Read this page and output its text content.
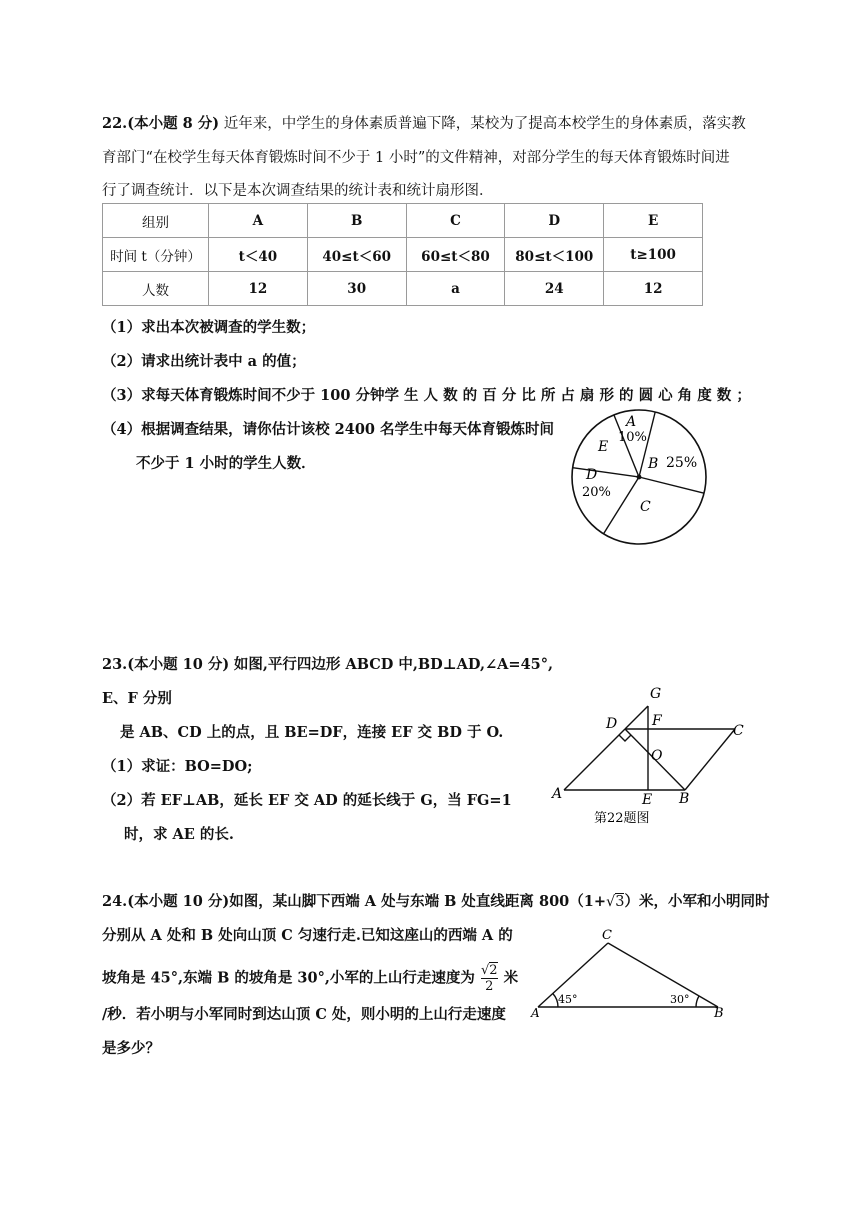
22.(本小题 8 分) 近年来，中学生的身体素质普遍下降，某校为了提高本校学生的身体素质，落实教
育部门“在校学生每天体育锻炼时间不少于 1 小时”的文件精神，对部分学生的每天体育锻炼时间进
行了调查统计．以下是本次调查结果的统计表和统计扇形图．
组别	A	B	C	D	E
时间 t（分钟）	t＜40	40≤t＜60	60≤t＜80	80≤t＜100	t≥100
人数	12	30	a	24	12
（1）求出本次被调查的学生数；
（2）请求出统计表中 a 的值；
（3）求每天体育锻炼时间不少于 100 分钟学 生 人 数 的 百 分 比 所 占 扇 形 的 圆 心 角 度 数 ；
（4）根据调查结果，请你估计该校 2400 名学生中每天体育锻炼时间
不少于 1 小时的学生人数．
A
10%
B 25%
C
D
20%
E
23.(本小题 10 分) 如图,平行四边形 ABCD 中,BD⊥AD,∠A=45°,
E、F 分别
是 AB、CD 上的点，且 BE=DF，连接 EF 交 BD 于 O.
（1）求证：BO=DO;
（2）若 EF⊥AB，延长 EF 交 AD 的延长线于 G，当 FG=1
时，求 AE 的长.
G
D F
C
O
A	E B
第22题图
24.(本小题 10 分)如图，某山脚下西端 A 处与东端 B 处直线距离 800（1+√3）米，小军和小明同时
分别从 A 处和 B 处向山顶 C 匀速行走.已知这座山的西端 A 的
坡角是 45°,东端 B 的坡角是 30°,小军的上山行走速度为 $\frac{√2}{2}$ 米
/秒．若小明与小军同时到达山顶 C 处，则小明的上山行走速度
是多少？
C
A	B
45°	30°
